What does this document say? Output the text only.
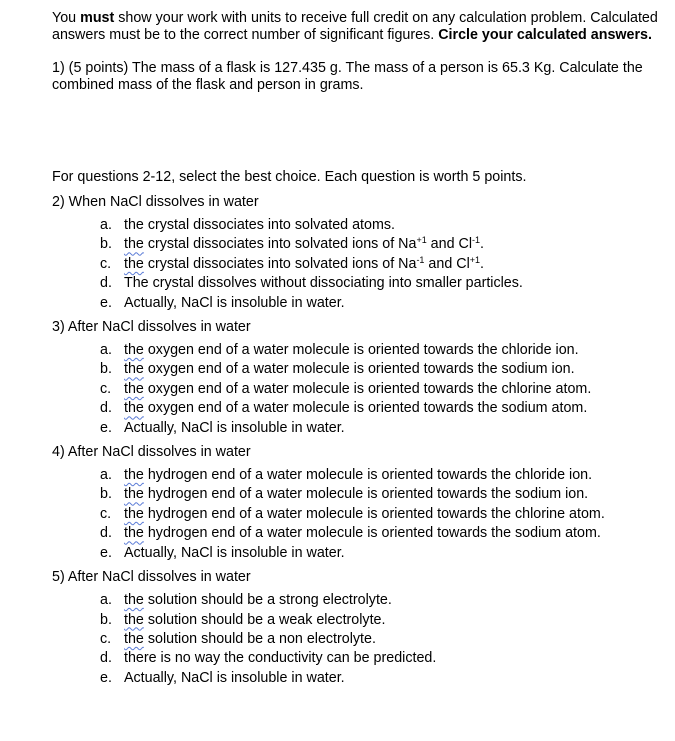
You must show your work with units to receive full credit on any calculation problem. Calculated answers must be to the correct number of significant figures. Circle your calculated answers.

1) (5 points) The mass of a flask is 127.435 g. The mass of a person is 65.3 Kg. Calculate the combined mass of the flask and person in grams.

For questions 2-12, select the best choice. Each question is worth 5 points.

2) When NaCl dissolves in water

a. the crystal dissociates into solvated atoms.
b. the crystal dissociates into solvated ions of $Na^{+1}$ and $Cl^{-1}$.
c. the crystal dissociates into solvated ions of $Na^{-1}$ and $Cl^{+1}$.
d. The crystal dissolves without dissociating into smaller particles.
e. Actually, NaCl is insoluble in water.

3) After NaCl dissolves in water

a. the oxygen end of a water molecule is oriented towards the chloride ion.
b. the oxygen end of a water molecule is oriented towards the sodium ion.
c. the oxygen end of a water molecule is oriented towards the chlorine atom.
d. the oxygen end of a water molecule is oriented towards the sodium atom.
e. Actually, NaCl is insoluble in water.

4) After NaCl dissolves in water

a. the hydrogen end of a water molecule is oriented towards the chloride ion.
b. the hydrogen end of a water molecule is oriented towards the sodium ion.
c. the hydrogen end of a water molecule is oriented towards the chlorine atom.
d. the hydrogen end of a water molecule is oriented towards the sodium atom.
e. Actually, NaCl is insoluble in water.

5) After NaCl dissolves in water

a. the solution should be a strong electrolyte.
b. the solution should be a weak electrolyte.
c. the solution should be a non electrolyte.
d. there is no way the conductivity can be predicted.
e. Actually, NaCl is insoluble in water.
